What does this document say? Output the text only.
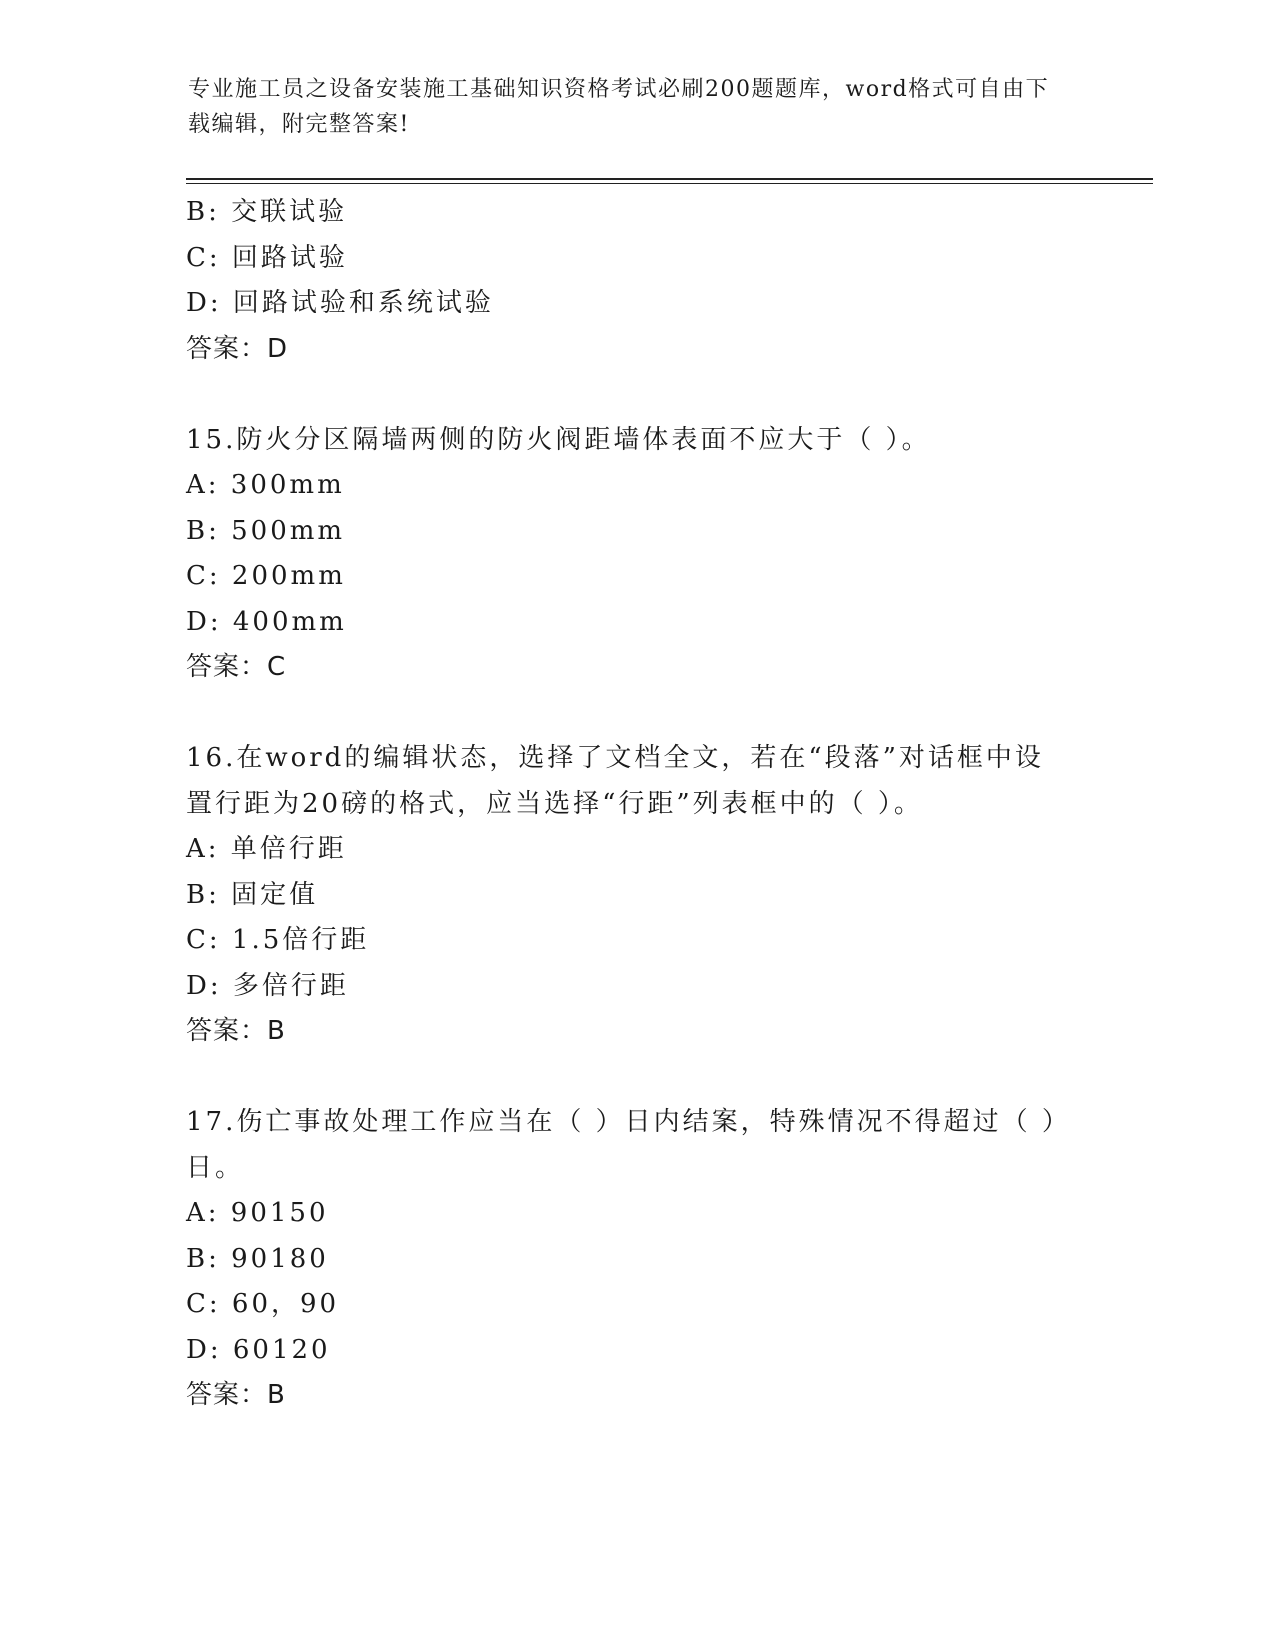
专业施工员之设备安装施工基础知识资格考试必刷200题题库，word格式可自由下载编辑，附完整答案!
B: 交联试验
C: 回路试验
D: 回路试验和系统试验
答案：D
15.防火分区隔墙两侧的防火阀距墙体表面不应大于（ ）。
A: 300mm
B: 500mm
C: 200mm
D: 400mm
答案：C
16.在word的编辑状态，选择了文档全文，若在“段落”对话框中设置行距为20磅的格式，应当选择“行距”列表框中的（ ）。
A: 单倍行距
B: 固定值
C: 1.5倍行距
D: 多倍行距
答案：B
17.伤亡事故处理工作应当在（ ）日内结案，特殊情况不得超过（ ）日。
A: 90150
B: 90180
C: 60，90
D: 60120
答案：B
